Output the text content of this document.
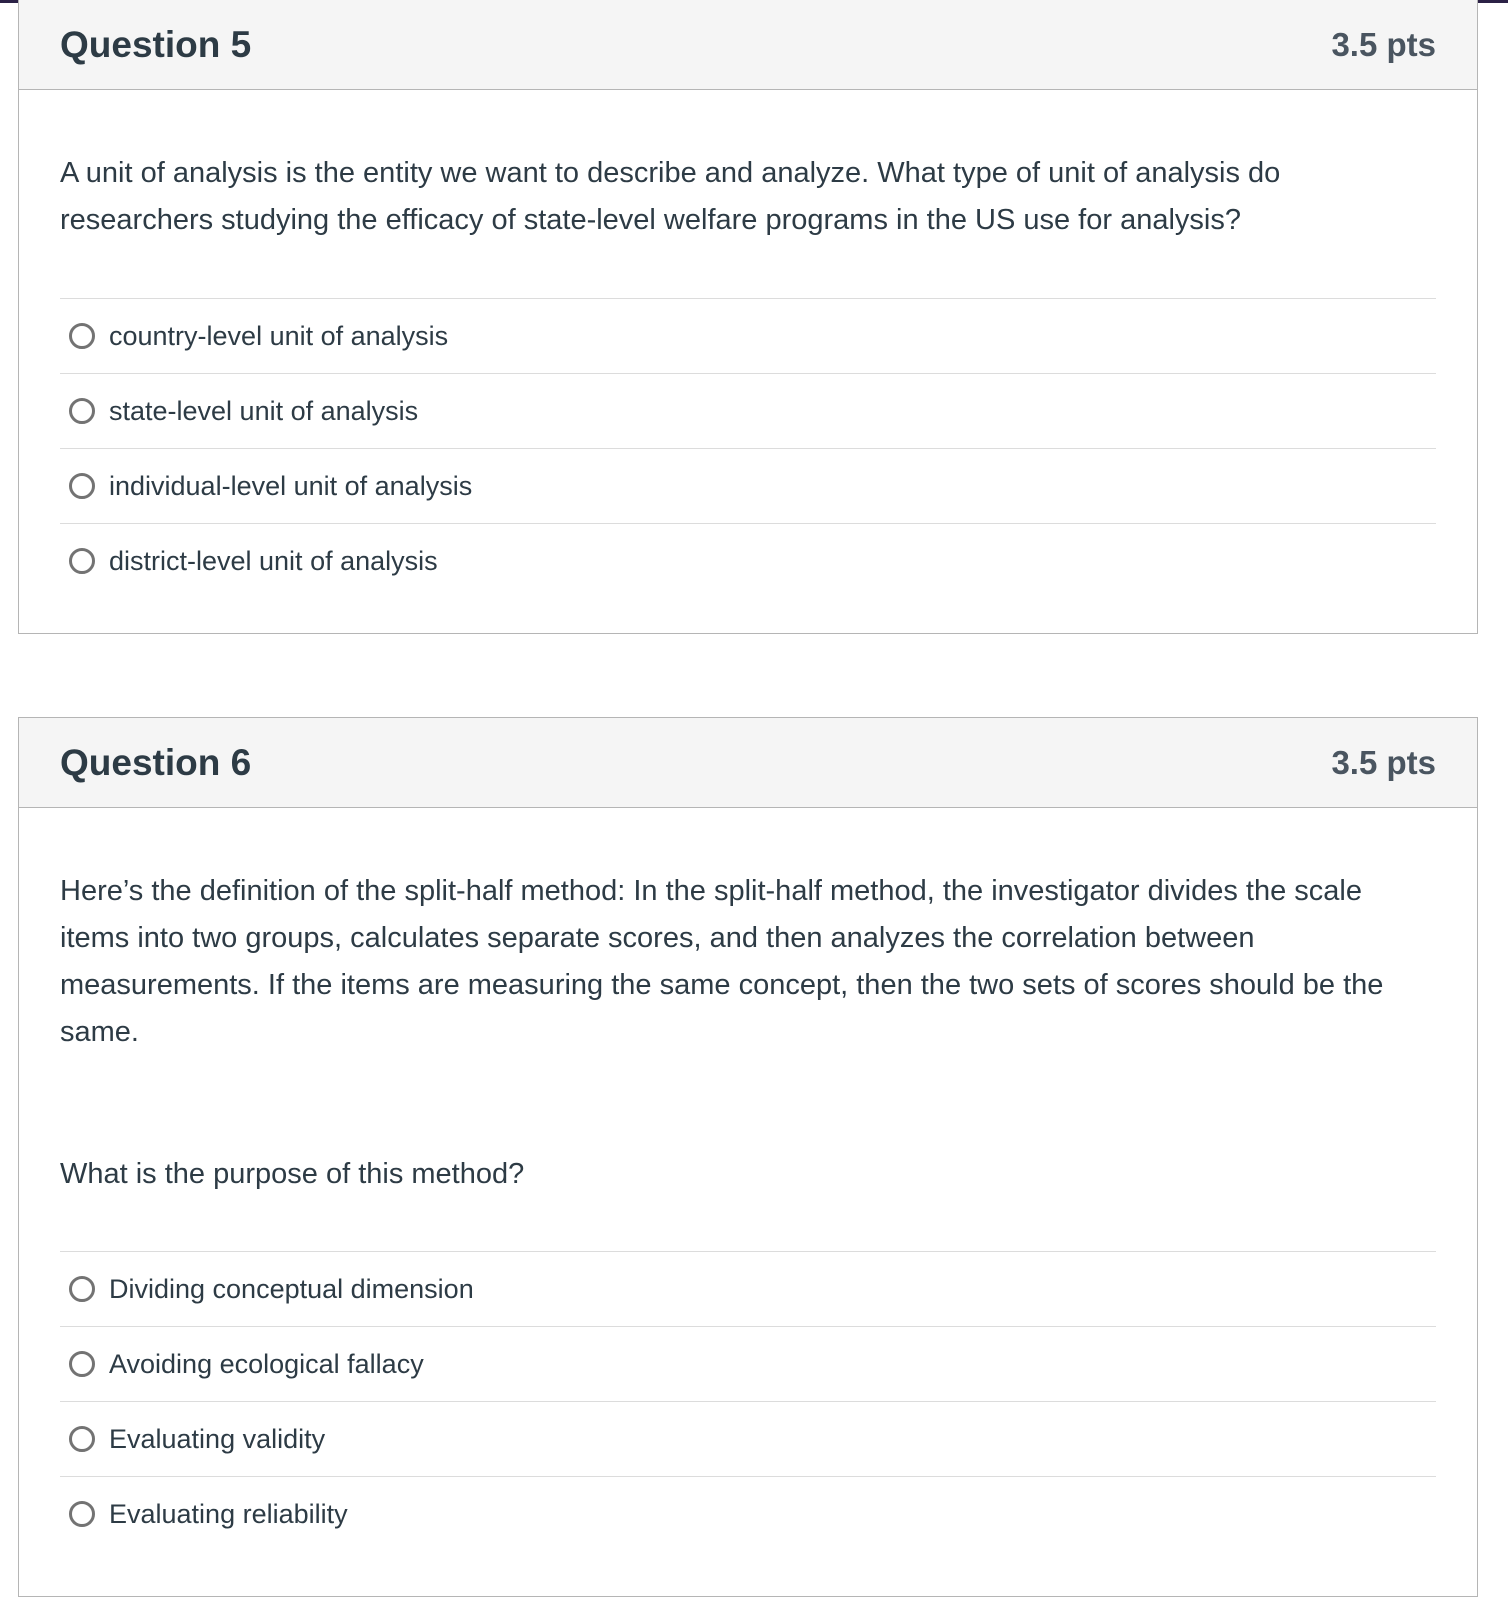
Question 5	3.5 pts

A unit of analysis is the entity we want to describe and analyze. What type of unit of analysis do researchers studying the efficacy of state-level welfare programs in the US use for analysis?

country-level unit of analysis
state-level unit of analysis
individual-level unit of analysis
district-level unit of analysis
Question 6	3.5 pts

Here’s the definition of the split-half method: In the split-half method, the investigator divides the scale items into two groups, calculates separate scores, and then analyzes the correlation between measurements. If the items are measuring the same concept, then the two sets of scores should be the same.

What is the purpose of this method?

Dividing conceptual dimension
Avoiding ecological fallacy
Evaluating validity
Evaluating reliability
